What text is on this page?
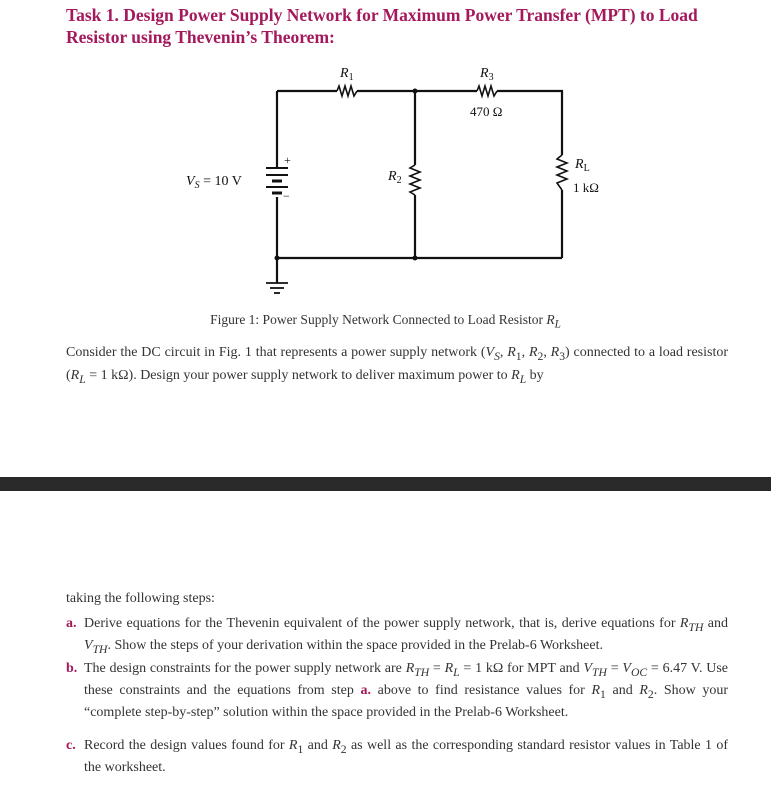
Task 1. Design Power Supply Network for Maximum Power Transfer (MPT) to Load Resistor using Thevenin’s Theorem:
$R_1$	$R_3$
470 Ω
$R_2$
$R_L$
1 kΩ
$V_S = 10$ V
+
−
Figure 1: Power Supply Network Connected to Load Resistor $R_L$

Consider the DC circuit in Fig. 1 that represents a power supply network ($V_S$, $R_1$, $R_2$, $R_3$) connected to a load resistor ($R_L = 1$ kΩ). Design your power supply network to deliver maximum power to $R_L$ by

taking the following steps:

a. Derive equations for the Thevenin equivalent of the power supply network, that is, derive equations for $R_{TH}$ and $V_{TH}$. Show the steps of your derivation within the space provided in the Prelab-6 Worksheet.
b. The design constraints for the power supply network are $R_{TH} = R_L = 1$ kΩ for MPT and $V_{TH} = V_{OC} = 6.47$ V. Use these constraints and the equations from step a. above to find resistance values for $R_1$ and $R_2$. Show your “complete step-by-step” solution within the space provided in the Prelab-6 Worksheet.
c. Record the design values found for $R_1$ and $R_2$ as well as the corresponding standard resistor values in Table 1 of the worksheet.
